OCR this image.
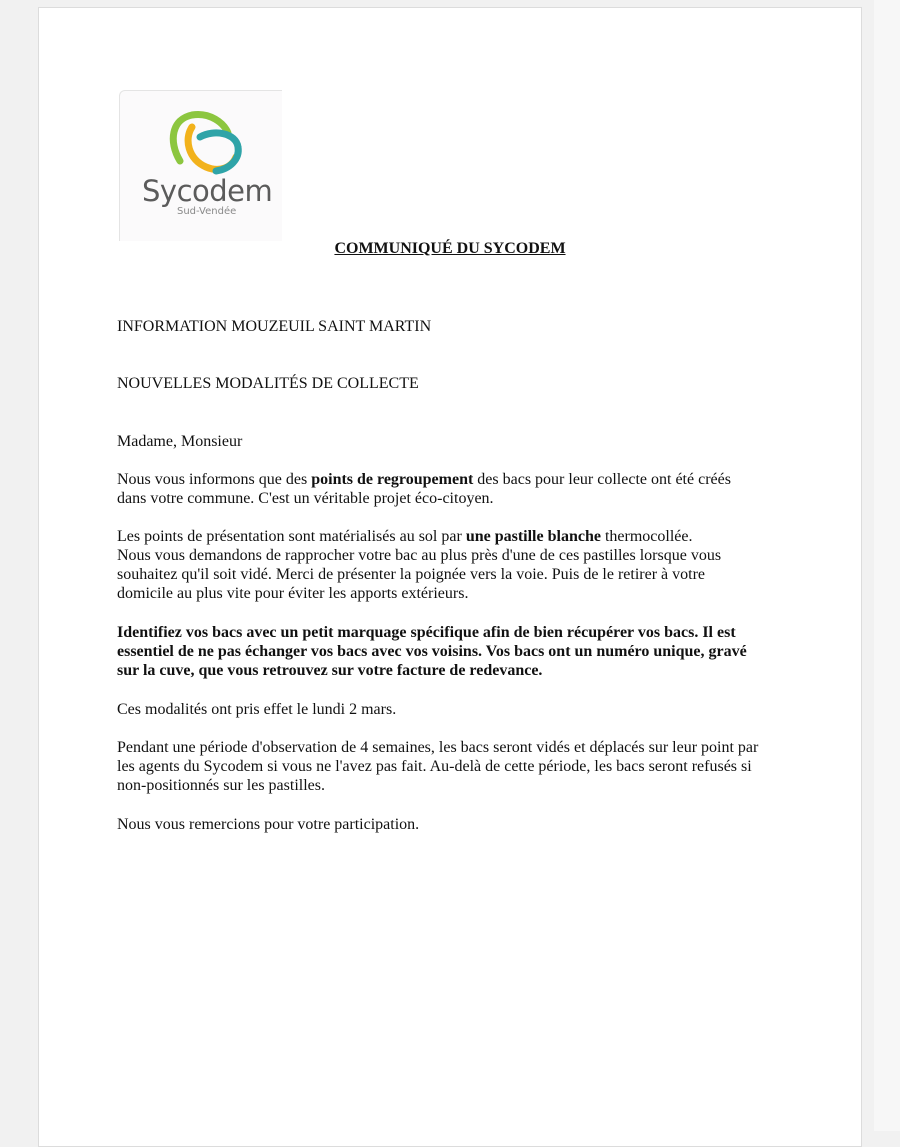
Sycodem
Sud-Vendée
COMMUNIQUÉ DU SYCODEM
INFORMATION MOUZEUIL SAINT MARTIN
NOUVELLES MODALITÉS DE COLLECTE
Madame, Monsieur
Nous vous informons que des points de regroupement des bacs pour leur collecte ont été créés
dans votre commune. C'est un véritable projet éco-citoyen.
Les points de présentation sont matérialisés au sol par une pastille blanche thermocollée.
Nous vous demandons de rapprocher votre bac au plus près d'une de ces pastilles lorsque vous
souhaitez qu'il soit vidé. Merci de présenter la poignée vers la voie. Puis de le retirer à votre
domicile au plus vite pour éviter les apports extérieurs.
Identifiez vos bacs avec un petit marquage spécifique afin de bien récupérer vos bacs. Il est
essentiel de ne pas échanger vos bacs avec vos voisins. Vos bacs ont un numéro unique, gravé
sur la cuve, que vous retrouvez sur votre facture de redevance.
Ces modalités ont pris effet le lundi 2 mars.
Pendant une période d'observation de 4 semaines, les bacs seront vidés et déplacés sur leur point par
les agents du Sycodem si vous ne l'avez pas fait. Au-delà de cette période, les bacs seront refusés si
non-positionnés sur les pastilles.
Nous vous remercions pour votre participation.
